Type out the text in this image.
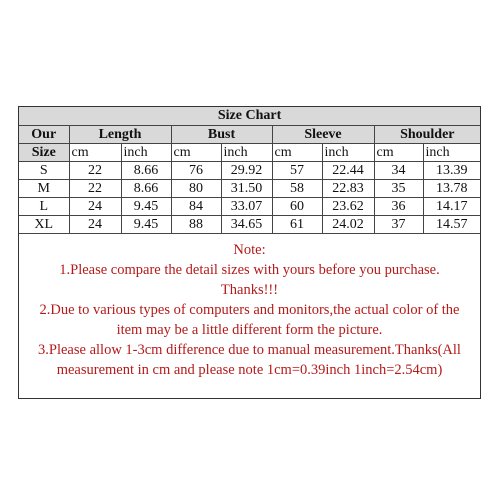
Size Chart								
Our	Length		Bust		Sleeve		Shoulder	
Size	cm	inch	cm	inch	cm	inch	cm	inch
S	22	8.66	76	29.92	57	22.44	34	13.39
M	22	8.66	80	31.50	58	22.83	35	13.78
L	24	9.45	84	33.07	60	23.62	36	14.17
XL	24	9.45	88	34.65	61	24.02	37	14.57
Note:
1.Please compare the detail sizes with yours before you purchase.
Thanks!!!
2.Due to various types of computers and monitors,the actual color of the
item may be a little different form the picture.
3.Please allow 1-3cm difference due to manual measurement.Thanks(All
measurement in cm and please note 1cm=0.39inch 1inch=2.54cm)
